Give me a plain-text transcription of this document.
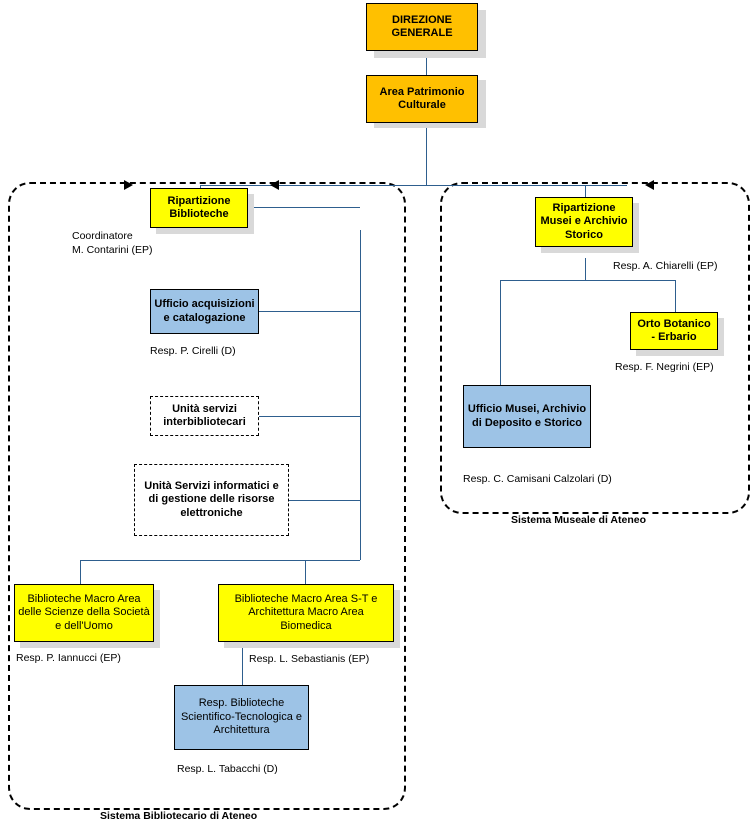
DIREZIONE GENERALE
Area Patrimonio Culturale
Ripartizione Biblioteche
Coordinatore
M. Contarini (EP)
Ufficio acquisizioni e catalogazione
Resp. P. Cirelli (D)
Unità servizi interbibliotecari
Unità Servizi informatici e di gestione delle risorse elettroniche
Biblioteche Macro Area delle Scienze della Società e dell'Uomo
Resp. P. Iannucci (EP)
Biblioteche Macro Area S-T e Architettura Macro Area Biomedica
Resp. L. Sebastianis (EP)
Resp. Biblioteche Scientifico-Tecnologica e Architettura
Resp. L. Tabacchi (D)
Sistema Bibliotecario di Ateneo
Ripartizione Musei e Archivio Storico
Resp. A. Chiarelli (EP)
Orto Botanico - Erbario
Resp. F. Negrini (EP)
Ufficio Musei, Archivio di Deposito e Storico
Resp. C. Camisani Calzolari (D)
Sistema Museale di Ateneo
